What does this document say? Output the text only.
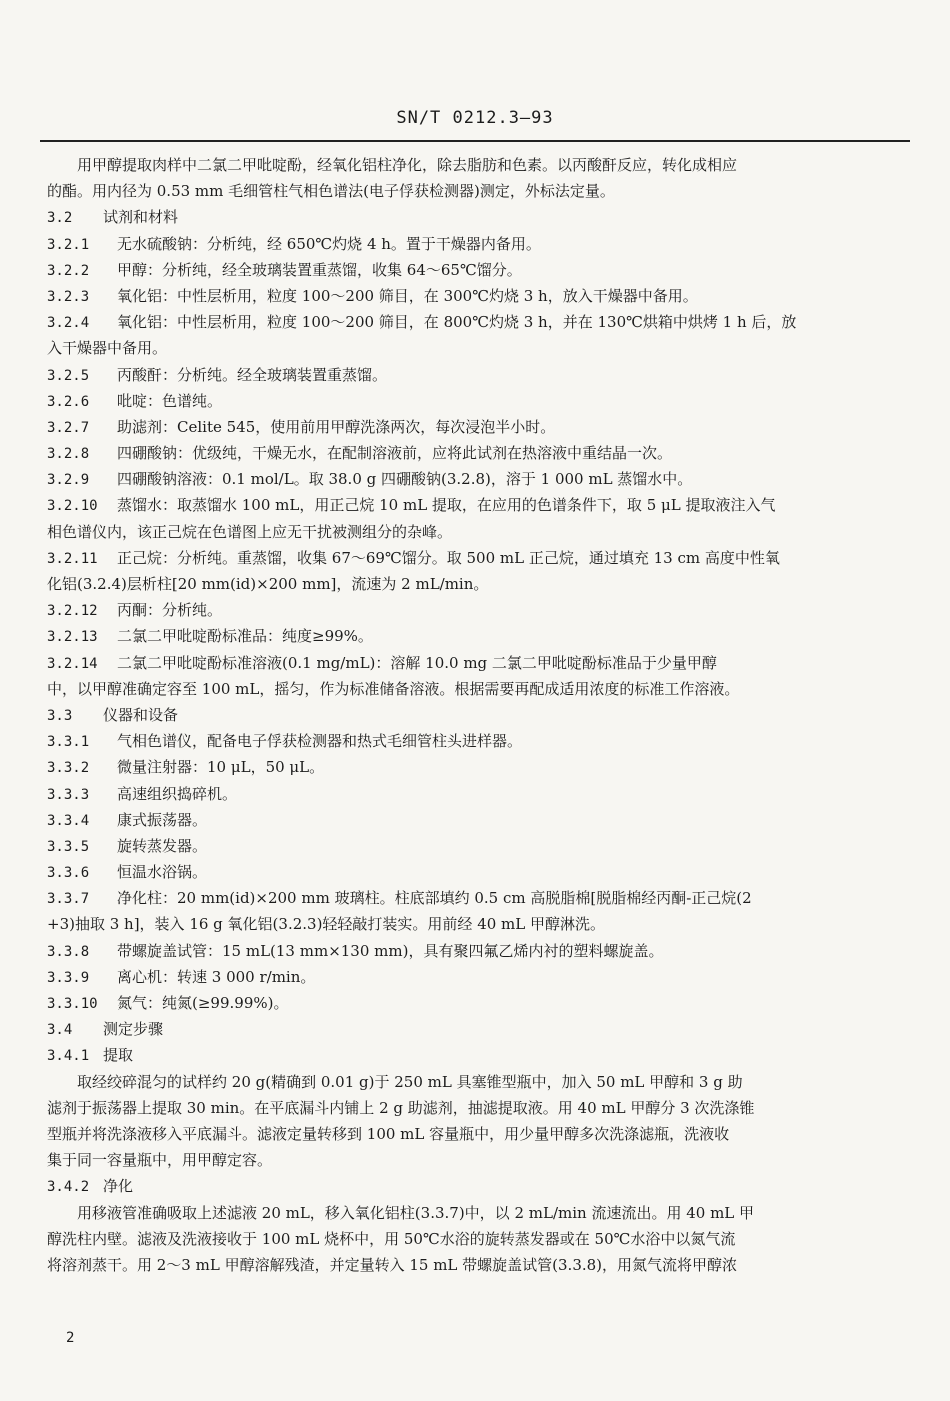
SN/T 0212.3—93
用甲醇提取肉样中二氯二甲吡啶酚，经氧化铝柱净化，除去脂肪和色素。以丙酸酐反应，转化成相应
的酯。用内径为 0.53 mm 毛细管柱气相色谱法(电子俘获检测器)测定，外标法定量。
3.2 试剂和材料
3.2.1 无水硫酸钠：分析纯，经 650℃灼烧 4 h。置于干燥器内备用。
3.2.2 甲醇：分析纯，经全玻璃装置重蒸馏，收集 64～65℃馏分。
3.2.3 氧化铝：中性层析用，粒度 100～200 筛目，在 300℃灼烧 3 h，放入干燥器中备用。
3.2.4 氧化铝：中性层析用，粒度 100～200 筛目，在 800℃灼烧 3 h，并在 130℃烘箱中烘烤 1 h 后，放
入干燥器中备用。
3.2.5 丙酸酐：分析纯。经全玻璃装置重蒸馏。
3.2.6 吡啶：色谱纯。
3.2.7 助滤剂：Celite 545，使用前用甲醇洗涤两次，每次浸泡半小时。
3.2.8 四硼酸钠：优级纯，干燥无水，在配制溶液前，应将此试剂在热溶液中重结晶一次。
3.2.9 四硼酸钠溶液：0.1 mol/L。取 38.0 g 四硼酸钠(3.2.8)，溶于 1 000 mL 蒸馏水中。
3.2.10 蒸馏水：取蒸馏水 100 mL，用正己烷 10 mL 提取，在应用的色谱条件下，取 5 μL 提取液注入气
相色谱仪内，该正己烷在色谱图上应无干扰被测组分的杂峰。
3.2.11 正己烷：分析纯。重蒸馏，收集 67～69℃馏分。取 500 mL 正己烷，通过填充 13 cm 高度中性氧
化铝(3.2.4)层析柱[20 mm(id)×200 mm]，流速为 2 mL/min。
3.2.12 丙酮：分析纯。
3.2.13 二氯二甲吡啶酚标准品：纯度≥99%。
3.2.14 二氯二甲吡啶酚标准溶液(0.1 mg/mL)：溶解 10.0 mg 二氯二甲吡啶酚标准品于少量甲醇
中，以甲醇准确定容至 100 mL，摇匀，作为标准储备溶液。根据需要再配成适用浓度的标准工作溶液。
3.3 仪器和设备
3.3.1 气相色谱仪，配备电子俘获检测器和热式毛细管柱头进样器。
3.3.2 微量注射器：10 μL，50 μL。
3.3.3 高速组织捣碎机。
3.3.4 康式振荡器。
3.3.5 旋转蒸发器。
3.3.6 恒温水浴锅。
3.3.7 净化柱：20 mm(id)×200 mm 玻璃柱。柱底部填约 0.5 cm 高脱脂棉[脱脂棉经丙酮-正己烷(2
+3)抽取 3 h]，装入 16 g 氧化铝(3.2.3)轻轻敲打装实。用前经 40 mL 甲醇淋洗。
3.3.8 带螺旋盖试管：15 mL(13 mm×130 mm)，具有聚四氟乙烯内衬的塑料螺旋盖。
3.3.9 离心机：转速 3 000 r/min。
3.3.10 氮气：纯氮(≥99.99%)。
3.4 测定步骤
3.4.1 提取
取经绞碎混匀的试样约 20 g(精确到 0.01 g)于 250 mL 具塞锥型瓶中，加入 50 mL 甲醇和 3 g 助
滤剂于振荡器上提取 30 min。在平底漏斗内铺上 2 g 助滤剂，抽滤提取液。用 40 mL 甲醇分 3 次洗涤锥
型瓶并将洗涤液移入平底漏斗。滤液定量转移到 100 mL 容量瓶中，用少量甲醇多次洗涤滤瓶，洗液收
集于同一容量瓶中，用甲醇定容。
3.4.2 净化
用移液管准确吸取上述滤液 20 mL，移入氧化铝柱(3.3.7)中，以 2 mL/min 流速流出。用 40 mL 甲
醇洗柱内壁。滤液及洗液接收于 100 mL 烧杯中，用 50℃水浴的旋转蒸发器或在 50℃水浴中以氮气流
将溶剂蒸干。用 2～3 mL 甲醇溶解残渣，并定量转入 15 mL 带螺旋盖试管(3.3.8)，用氮气流将甲醇浓
2
